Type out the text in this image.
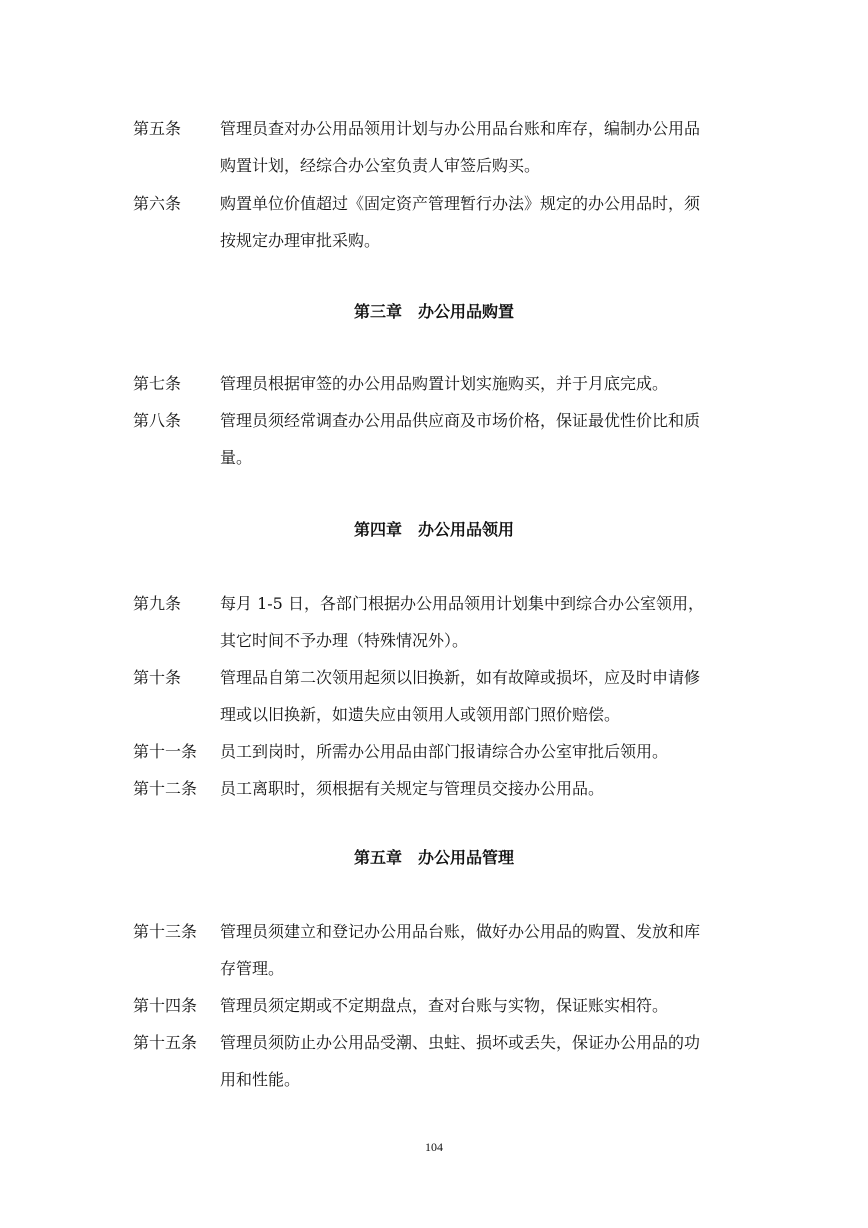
第五条 管理员查对办公用品领用计划与办公用品台账和库存，编制办公用品
购置计划，经综合办公室负责人审签后购买。
第六条 购置单位价值超过《固定资产管理暂行办法》规定的办公用品时，须
按规定办理审批采购。
第三章　办公用品购置
第七条 管理员根据审签的办公用品购置计划实施购买，并于月底完成。
第八条 管理员须经常调查办公用品供应商及市场价格，保证最优性价比和质
量。
第四章　办公用品领用
第九条 每月 1-5 日，各部门根据办公用品领用计划集中到综合办公室领用，
其它时间不予办理（特殊情况外）。
第十条 管理品自第二次领用起须以旧换新，如有故障或损坏，应及时申请修
理或以旧换新，如遗失应由领用人或领用部门照价赔偿。
第十一条 员工到岗时，所需办公用品由部门报请综合办公室审批后领用。
第十二条 员工离职时，须根据有关规定与管理员交接办公用品。
第五章　办公用品管理
第十三条 管理员须建立和登记办公用品台账，做好办公用品的购置、发放和库
存管理。
第十四条 管理员须定期或不定期盘点，查对台账与实物，保证账实相符。
第十五条 管理员须防止办公用品受潮、虫蛀、损坏或丢失，保证办公用品的功
用和性能。
104
